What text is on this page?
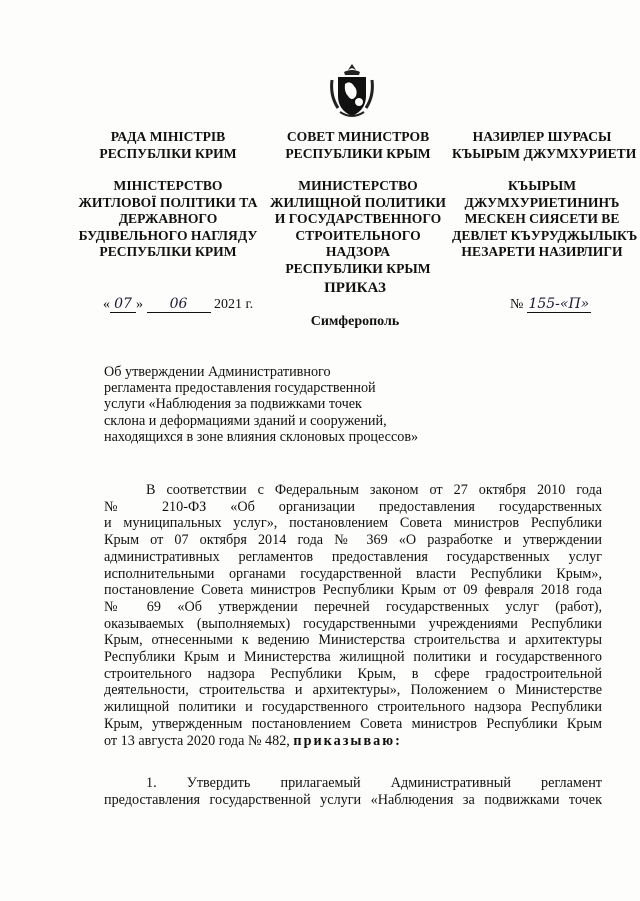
РАДА МІНІСТРІВ
РЕСПУБЛІКИ КРИМ
МІНІСТЕРСТВО
ЖИТЛОВОЇ ПОЛІТИКИ ТА
ДЕРЖАВНОГО
БУДІВЕЛЬНОГО НАГЛЯДУ
РЕСПУБЛІКИ КРИМ
СОВЕТ МИНИСТРОВ
РЕСПУБЛИКИ КРЫМ
МИНИСТЕРСТВО
ЖИЛИЩНОЙ ПОЛИТИКИ
И ГОСУДАРСТВЕННОГО
СТРОИТЕЛЬНОГО
НАДЗОРА
РЕСПУБЛИКИ КРЫМ
НАЗИРЛЕР ШУРАСЫ
КЪЫРЫМ ДЖУМХУРИЕТИ
КЪЫРЫМ
ДЖУМХУРИЕТИНИНЪ
МЕСКЕН СИЯСЕТИ ВЕ
ДЕВЛЕТ КЪУРУДЖЫЛЫКЪ
НЕЗАРЕТИ НАЗИРЛИГИ
ПРИКАЗ
« 07 » 06 2021 г.	№ 155-«П»
Симферополь
Об утверждении Административного
регламента предоставления государственной
услуги «Наблюдения за подвижками точек
склона и деформациями зданий и сооружений,
находящихся в зоне влияния склоновых процессов»
В соответствии с Федеральным законом от 27 октября 2010 года
№ 210-ФЗ «Об организации предоставления государственных
и муниципальных услуг», постановлением Совета министров Республики
Крым от 07 октября 2014 года № 369 «О разработке и утверждении
административных регламентов предоставления государственных услуг
исполнительными органами государственной власти Республики Крым»,
постановление Совета министров Республики Крым от 09 февраля 2018 года
№ 69 «Об утверждении перечней государственных услуг (работ),
оказываемых (выполняемых) государственными учреждениями Республики
Крым, отнесенными к ведению Министерства строительства и архитектуры
Республики Крым и Министерства жилищной политики и государственного
строительного надзора Республики Крым, в сфере градостроительной
деятельности, строительства и архитектуры», Положением о Министерстве
жилищной политики и государственного строительного надзора Республики
Крым, утвержденным постановлением Совета министров Республики Крым
от 13 августа 2020 года № 482, приказываю:
1. Утвердить прилагаемый Административный регламент
предоставления государственной услуги «Наблюдения за подвижками точек
